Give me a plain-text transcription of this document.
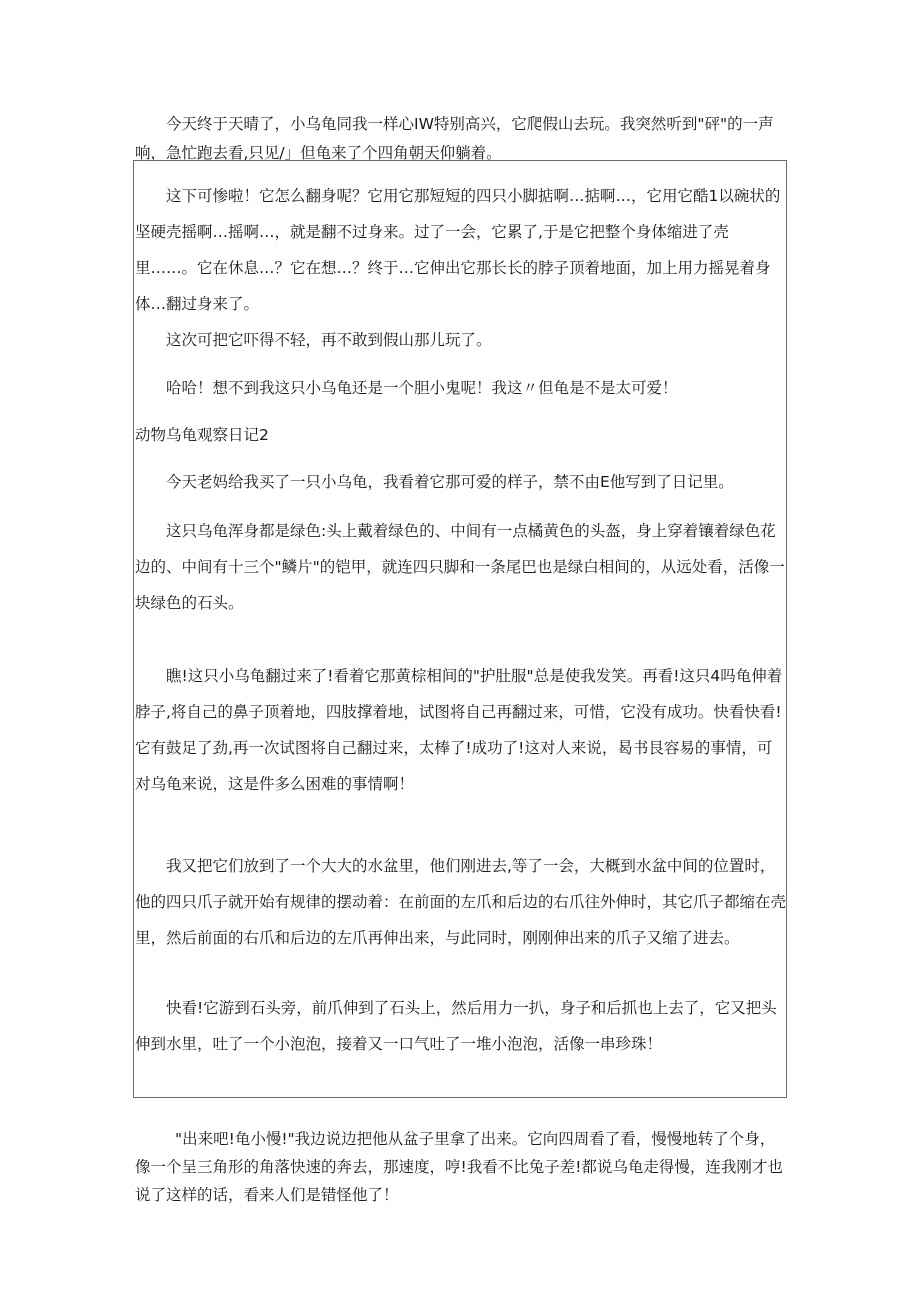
今天终于天晴了，小乌龟同我一样心IW特别高兴，它爬假山去玩。我突然听到"砰"的一声响，急忙跑去看,只见/」但龟来了个四角朝天仰躺着。

这下可惨啦！它怎么翻身呢？它用它那短短的四只小脚掂啊…掂啊…，它用它酷1以碗状的坚硬壳摇啊…摇啊…，就是翻不过身来。过了一会，它累了,于是它把整个身体缩进了壳里……。它在休息…？它在想…？终于…它伸出它那长长的脖子顶着地面，加上用力摇晃着身体…翻过身来了。

这次可把它吓得不轻，再不敢到假山那儿玩了。

哈哈！想不到我这只小乌龟还是一个胆小鬼呢！我这〃但龟是不是太可爱！

动物乌龟观察日记2

今天老妈给我买了一只小乌龟，我看着它那可爱的样子，禁不由E他写到了日记里。

这只乌龟浑身都是绿色:头上戴着绿色的、中间有一点橘黄色的头盔，身上穿着镶着绿色花边的、中间有十三个"鳞片"的铠甲，就连四只脚和一条尾巴也是绿白相间的，从远处看，活像一块绿色的石头。

瞧!这只小乌龟翻过来了!看着它那黄棕相间的"护肚服"总是使我发笑。再看!这只4吗龟伸着脖子,将自己的鼻子顶着地，四肢撑着地，试图将自己再翻过来，可惜，它没有成功。快看快看!它有鼓足了劲,再一次试图将自己翻过来，太棒了!成功了!这对人来说，曷书艮容易的事情，可对乌龟来说，这是件多么困难的事情啊！

我又把它们放到了一个大大的水盆里，他们刚进去,等了一会，大概到水盆中间的位置时，他的四只爪子就开始有规律的摆动着：在前面的左爪和后边的右爪往外伸时，其它爪子都缩在壳里，然后前面的右爪和后边的左爪再伸出来，与此同时，刚刚伸出来的爪子又缩了进去。

快看!它游到石头旁，前爪伸到了石头上，然后用力一扒，身子和后抓也上去了，它又把头伸到水里，吐了一个小泡泡，接着又一口气吐了一堆小泡泡，活像一串珍珠！

"出来吧!龟小慢!"我边说边把他从盆子里拿了出来。它向四周看了看，慢慢地转了个身，像一个呈三角形的角落快速的奔去，那速度，哼!我看不比兔子差!都说乌龟走得慢，连我刚才也说了这样的话，看来人们是错怪他了！
